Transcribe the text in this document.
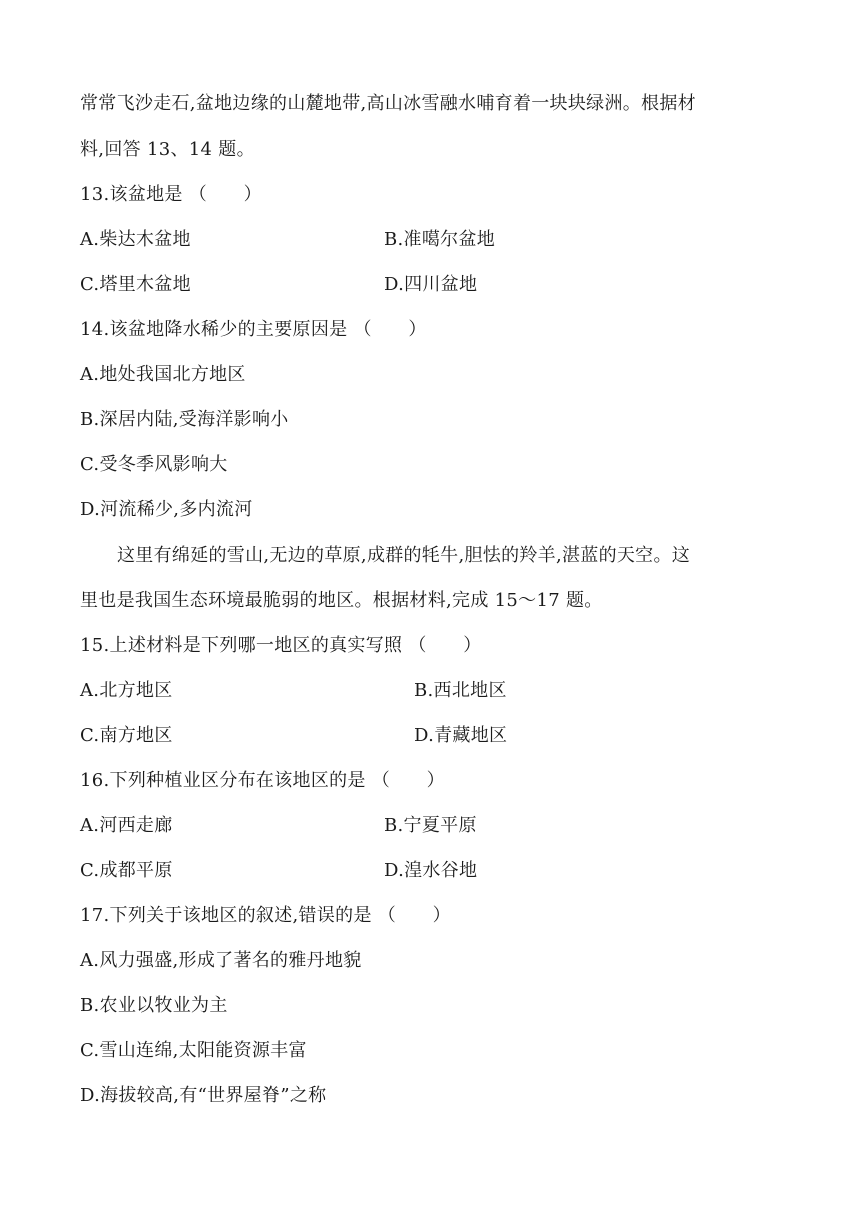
常常飞沙走石,盆地边缘的山麓地带,高山冰雪融水哺育着一块块绿洲。根据材
料,回答 13、14 题。
13.该盆地是 （　　）
A.柴达木盆地	B.准噶尔盆地
C.塔里木盆地	D.四川盆地
14.该盆地降水稀少的主要原因是 （　　）
A.地处我国北方地区
B.深居内陆,受海洋影响小
C.受冬季风影响大
D.河流稀少,多内流河
这里有绵延的雪山,无边的草原,成群的牦牛,胆怯的羚羊,湛蓝的天空。这
里也是我国生态环境最脆弱的地区。根据材料,完成 15～17 题。
15.上述材料是下列哪一地区的真实写照 （　　）
A.北方地区	B.西北地区
C.南方地区	D.青藏地区
16.下列种植业区分布在该地区的是 （　　）
A.河西走廊	B.宁夏平原
C.成都平原	D.湟水谷地
17.下列关于该地区的叙述,错误的是 （　　）
A.风力强盛,形成了著名的雅丹地貌
B.农业以牧业为主
C.雪山连绵,太阳能资源丰富
D.海拔较高,有“世界屋脊”之称
